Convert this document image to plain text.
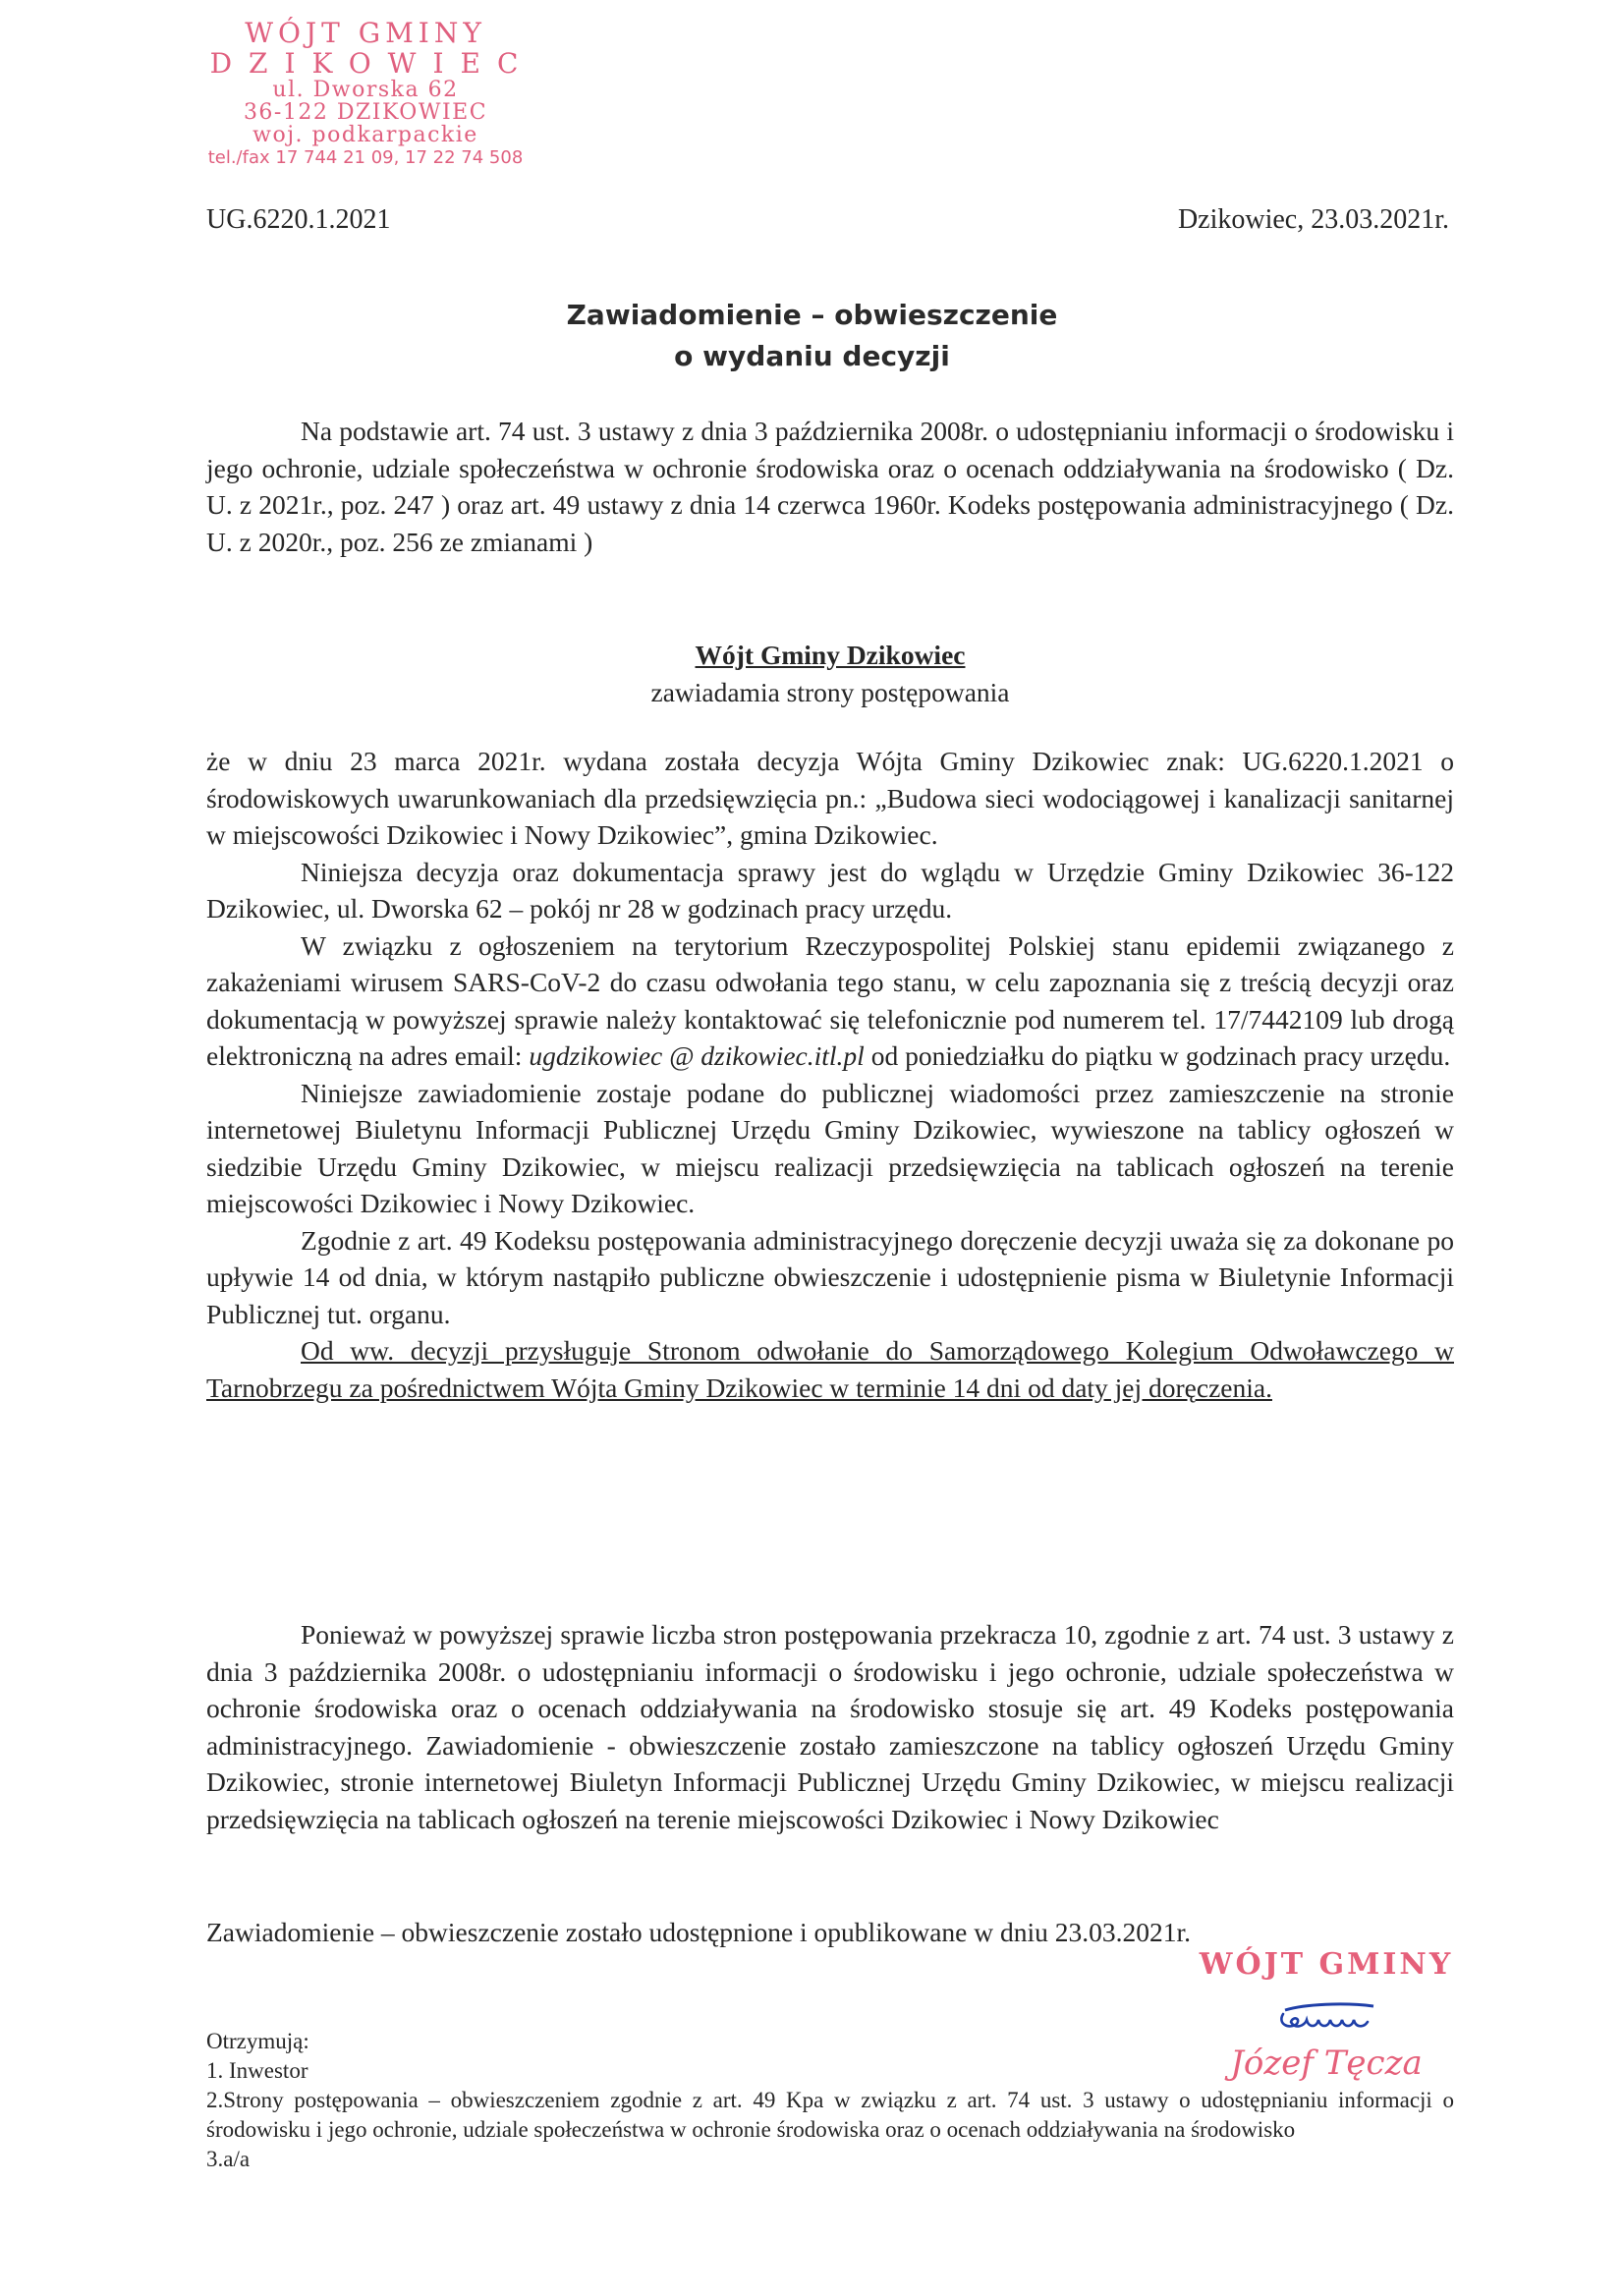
WÓJT GMINY
DZIKOWIEC
ul. Dworska 62
36-122 DZIKOWIEC
woj. podkarpackie
tel./fax 17 744 21 09, 17 22 74 508
UG.6220.1.2021	Dzikowiec, 23.03.2021r.
Zawiadomienie – obwieszczenie
o wydaniu decyzji

Na podstawie art. 74 ust. 3 ustawy z dnia 3 października 2008r. o udostępnianiu informacji o środowisku i jego ochronie, udziale społeczeństwa w ochronie środowiska oraz o ocenach oddziaływania na środowisko ( Dz. U. z 2021r., poz. 247 ) oraz art. 49 ustawy z dnia 14 czerwca 1960r. Kodeks postępowania administracyjnego ( Dz. U. z 2020r., poz. 256 ze zmianami )

Wójt Gminy Dzikowiec

zawiadamia strony postępowania

że w dniu 23 marca 2021r. wydana została decyzja Wójta Gminy Dzikowiec znak: UG.6220.1.2021 o środowiskowych uwarunkowaniach dla przedsięwzięcia pn.: „Budowa sieci wodociągowej i kanalizacji sanitarnej w miejscowości Dzikowiec i Nowy Dzikowiec”, gmina Dzikowiec.

Niniejsza decyzja oraz dokumentacja sprawy jest do wglądu w Urzędzie Gminy Dzikowiec 36-122 Dzikowiec, ul. Dworska 62 – pokój nr 28 w godzinach pracy urzędu.

W związku z ogłoszeniem na terytorium Rzeczypospolitej Polskiej stanu epidemii związanego z zakażeniami wirusem SARS-CoV-2 do czasu odwołania tego stanu, w celu zapoznania się z treścią decyzji oraz dokumentacją w powyższej sprawie należy kontaktować się telefonicznie pod numerem tel. 17/7442109 lub drogą elektroniczną na adres email: ugdzikowiec @ dzikowiec.itl.pl od poniedziałku do piątku w godzinach pracy urzędu.

Niniejsze zawiadomienie zostaje podane do publicznej wiadomości przez zamieszczenie na stronie internetowej Biuletynu Informacji Publicznej Urzędu Gminy Dzikowiec, wywieszone na tablicy ogłoszeń w siedzibie Urzędu Gminy Dzikowiec, w miejscu realizacji przedsięwzięcia na tablicach ogłoszeń na terenie miejscowości Dzikowiec i Nowy Dzikowiec.

Zgodnie z art. 49 Kodeksu postępowania administracyjnego doręczenie decyzji uważa się za dokonane po upływie 14 od dnia, w którym nastąpiło publiczne obwieszczenie i udostępnienie pisma w Biuletynie Informacji Publicznej tut. organu.

Od ww. decyzji przysługuje Stronom odwołanie do Samorządowego Kolegium Odwoławczego w Tarnobrzegu za pośrednictwem Wójta Gminy Dzikowiec w terminie 14 dni od daty jej doręczenia.

Ponieważ w powyższej sprawie liczba stron postępowania przekracza 10, zgodnie z art. 74 ust. 3 ustawy z dnia 3 października 2008r. o udostępnianiu informacji o środowisku i jego ochronie, udziale społeczeństwa w ochronie środowiska oraz o ocenach oddziaływania na środowisko stosuje się art. 49 Kodeks postępowania administracyjnego. Zawiadomienie - obwieszczenie zostało zamieszczone na tablicy ogłoszeń Urzędu Gminy Dzikowiec, stronie internetowej Biuletyn Informacji Publicznej Urzędu Gminy Dzikowiec, w miejscu realizacji przedsięwzięcia na tablicach ogłoszeń na terenie miejscowości Dzikowiec i Nowy Dzikowiec

Zawiadomienie – obwieszczenie zostało udostępnione i opublikowane w dniu 23.03.2021r.

WÓJT GMINY
Józef Tęcza

Otrzymują:

1. Inwestor

2.Strony postępowania – obwieszczeniem zgodnie z art. 49 Kpa w związku z art. 74 ust. 3 ustawy o udostępnianiu informacji o środowisku i jego ochronie, udziale społeczeństwa w ochronie środowiska oraz o ocenach oddziaływania na środowisko

3.a/a
